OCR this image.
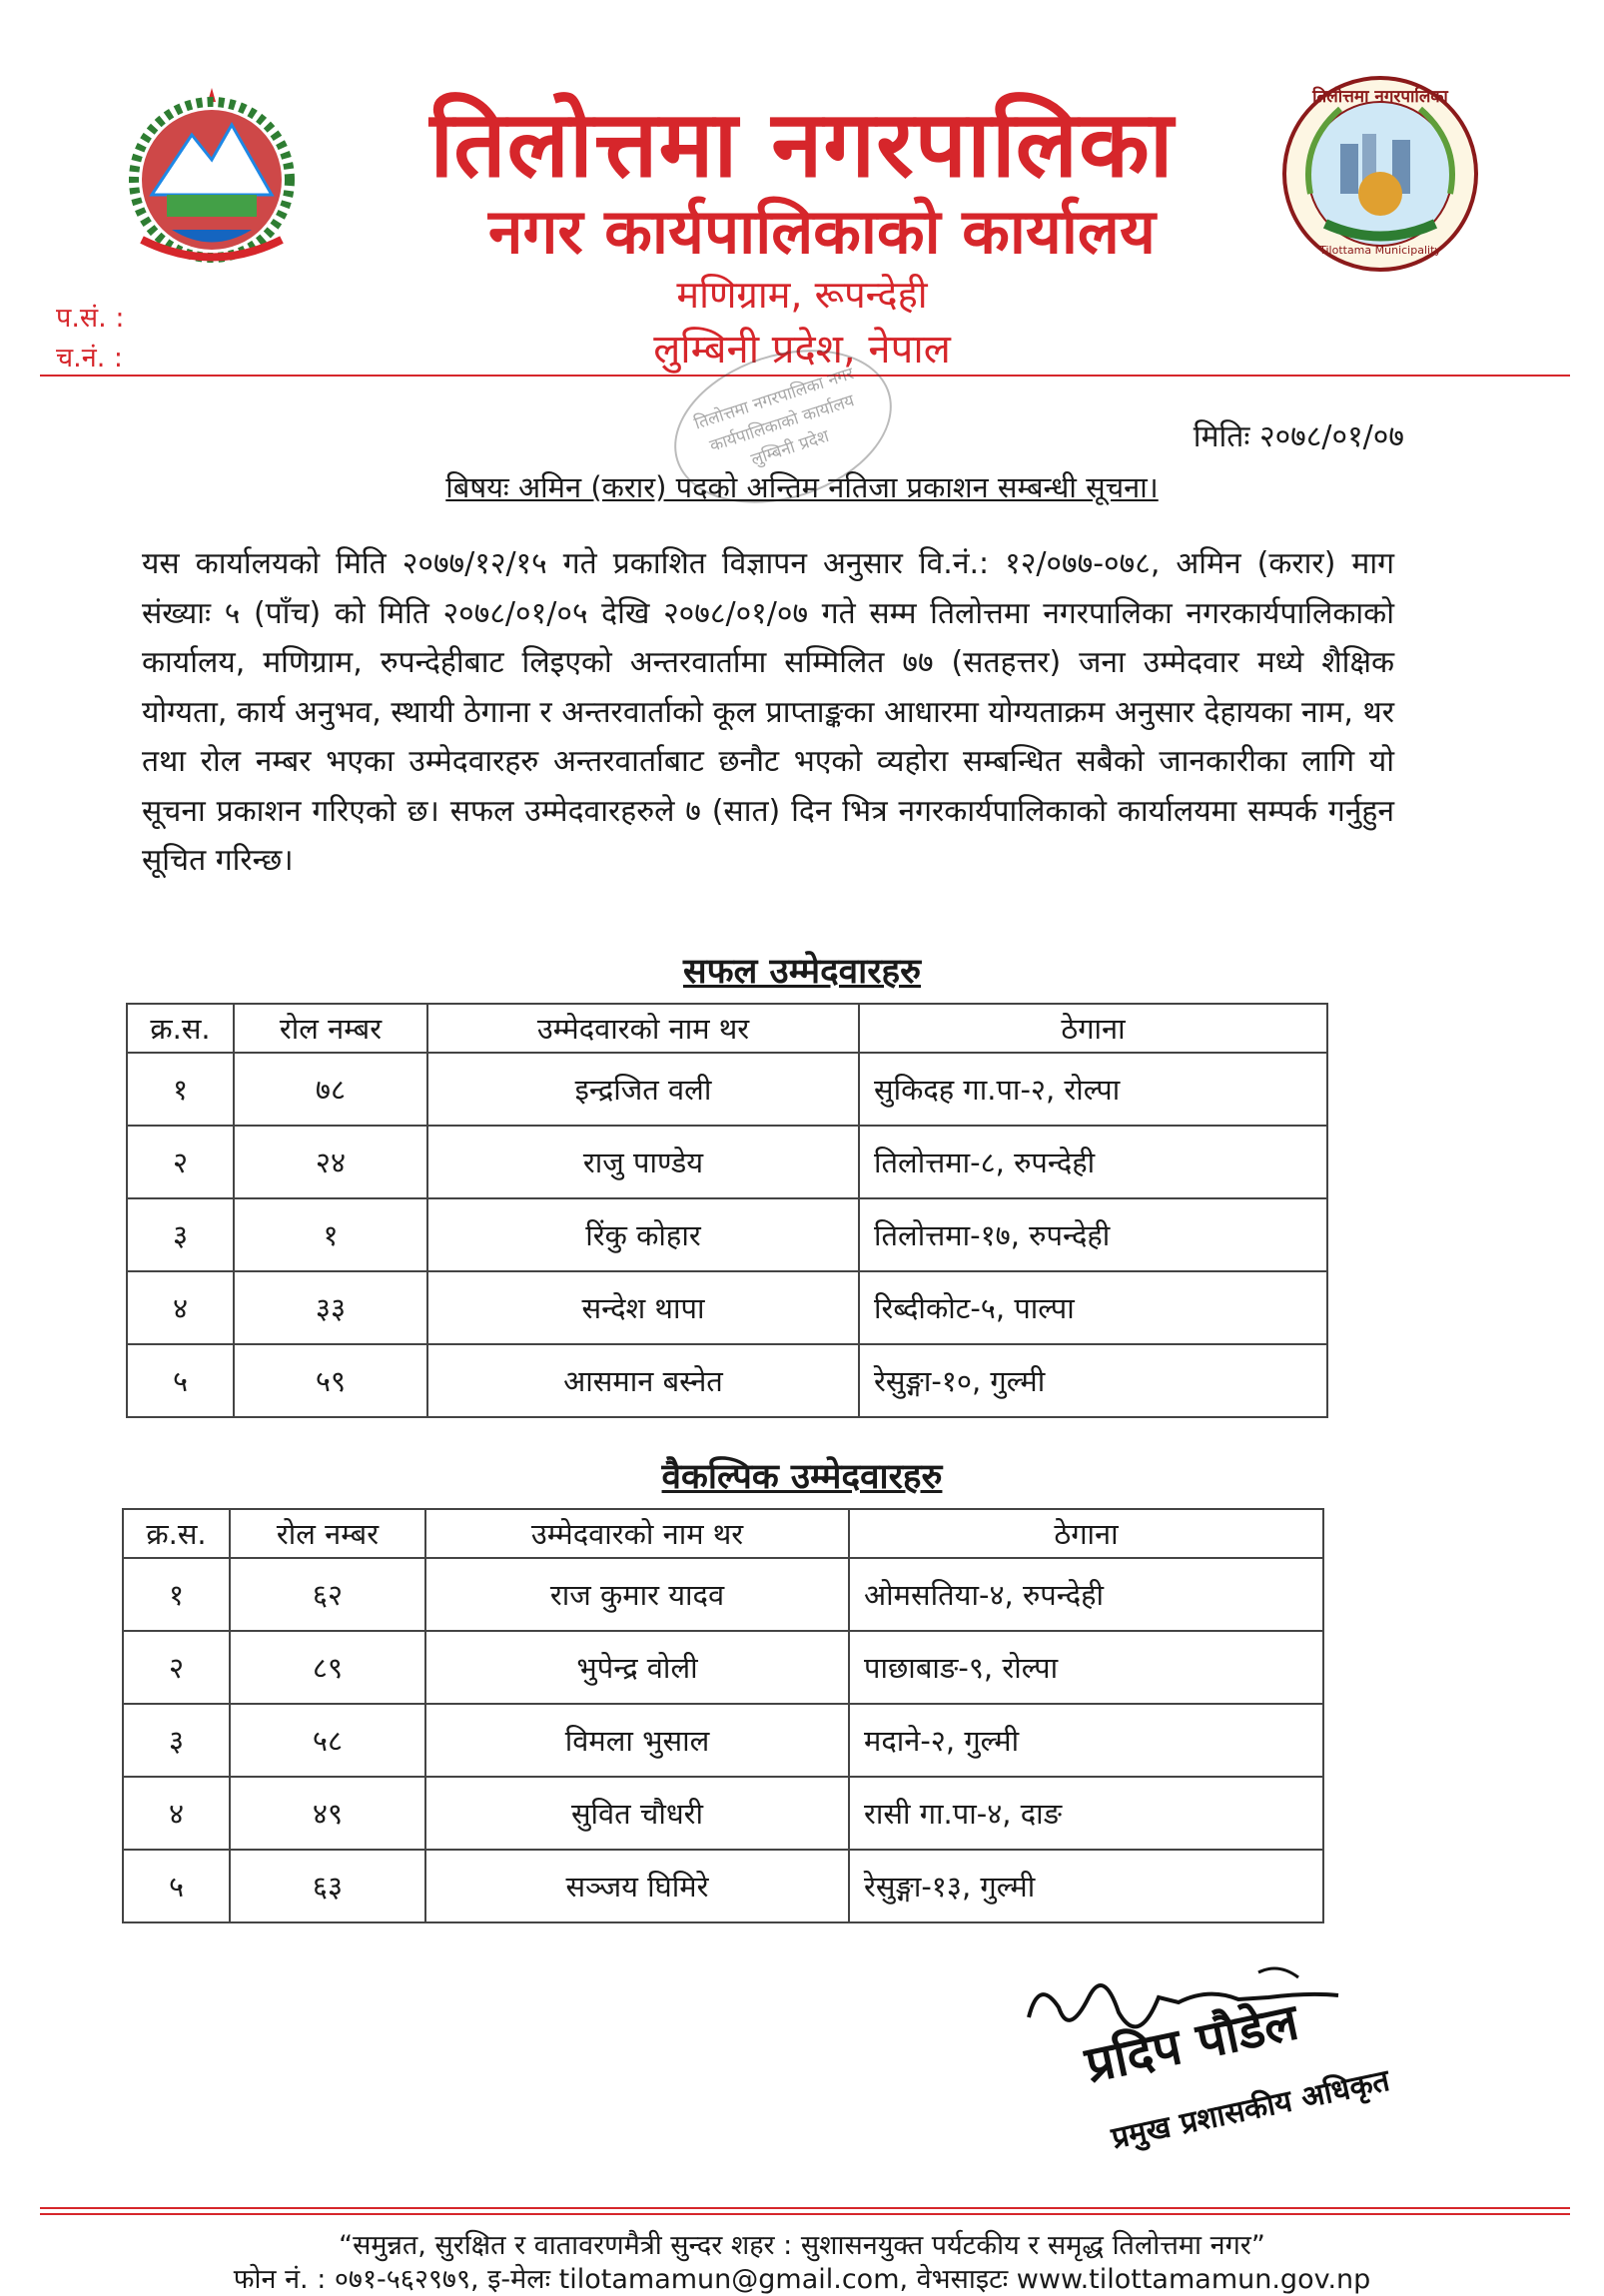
तिलोत्तमा नगरपालिका
Tilottama Municipality
तिलोत्तमा नगरपालिका
नगर कार्यपालिकाको कार्यालय
मणिग्राम, रूपन्देही
लुम्बिनी प्रदेश, नेपाल
प.सं. :
च.नं. :
तिलोत्तमा नगरपालिका नगर कार्यपालिकाको कार्यालय लुम्बिनी प्रदेश	मितिः २०७८/०१/०७
बिषयः अमिन (करार) पदको अन्तिम नतिजा प्रकाशन सम्बन्धी सूचना।
यस कार्यालयको मिति २०७७/१२/१५ गते प्रकाशित विज्ञापन अनुसार वि.नं.: १२/०७७-०७८, अमिन (करार) माग संख्याः ५ (पाँच) को मिति २०७८/०१/०५ देखि २०७८/०१/०७ गते सम्म तिलोत्तमा नगरपालिका नगरकार्यपालिकाको कार्यालय, मणिग्राम, रुपन्देहीबाट लिइएको अन्तरवार्तामा सम्मिलित ७७ (सतहत्तर) जना उम्मेदवार मध्ये शैक्षिक योग्यता, कार्य अनुभव, स्थायी ठेगाना र अन्तरवार्ताको कूल प्राप्ताङ्कका आधारमा योग्यताक्रम अनुसार देहायका नाम, थर तथा रोल नम्बर भएका उम्मेदवारहरु अन्तरवार्ताबाट छनौट भएको व्यहोरा सम्बन्धित सबैको जानकारीका लागि यो सूचना प्रकाशन गरिएको छ। सफल उम्मेदवारहरुले ७ (सात) दिन भित्र नगरकार्यपालिकाको कार्यालयमा सम्पर्क गर्नुहुन सूचित गरिन्छ।
सफल उम्मेदवारहरु
क्र.स.	रोल नम्बर	उम्मेदवारको नाम थर	ठेगाना
१	७८	इन्द्रजित वली	सुकिदह गा.पा-२, रोल्पा
२	२४	राजु पाण्डेय	तिलोत्तमा-८, रुपन्देही
३	१	रिंकु कोहार	तिलोत्तमा-१७, रुपन्देही
४	३३	सन्देश थापा	रिब्दीकोट-५, पाल्पा
५	५९	आसमान बस्नेत	रेसुङ्गा-१०, गुल्मी
वैकल्पिक उम्मेदवारहरु
क्र.स.	रोल नम्बर	उम्मेदवारको नाम थर	ठेगाना
१	६२	राज कुमार यादव	ओमसतिया-४, रुपन्देही
२	८९	भुपेन्द्र वोली	पाछाबाङ-९, रोल्पा
३	५८	विमला भुसाल	मदाने-२, गुल्मी
४	४९	सुवित चौधरी	रासी गा.पा-४, दाङ
५	६३	सञ्जय घिमिरे	रेसुङ्गा-१३, गुल्मी
प्रदिप पौडेल
प्रमुख प्रशासकीय अधिकृत
“समुन्नत, सुरक्षित र वातावरणमैत्री सुन्दर शहर : सुशासनयुक्त पर्यटकीय र समृद्ध तिलोत्तमा नगर”
फोन नं. : ०७१-५६२९७९, इ-मेलः tilotamamun@gmail.com, वेभसाइटः www.tilottamamun.gov.np
